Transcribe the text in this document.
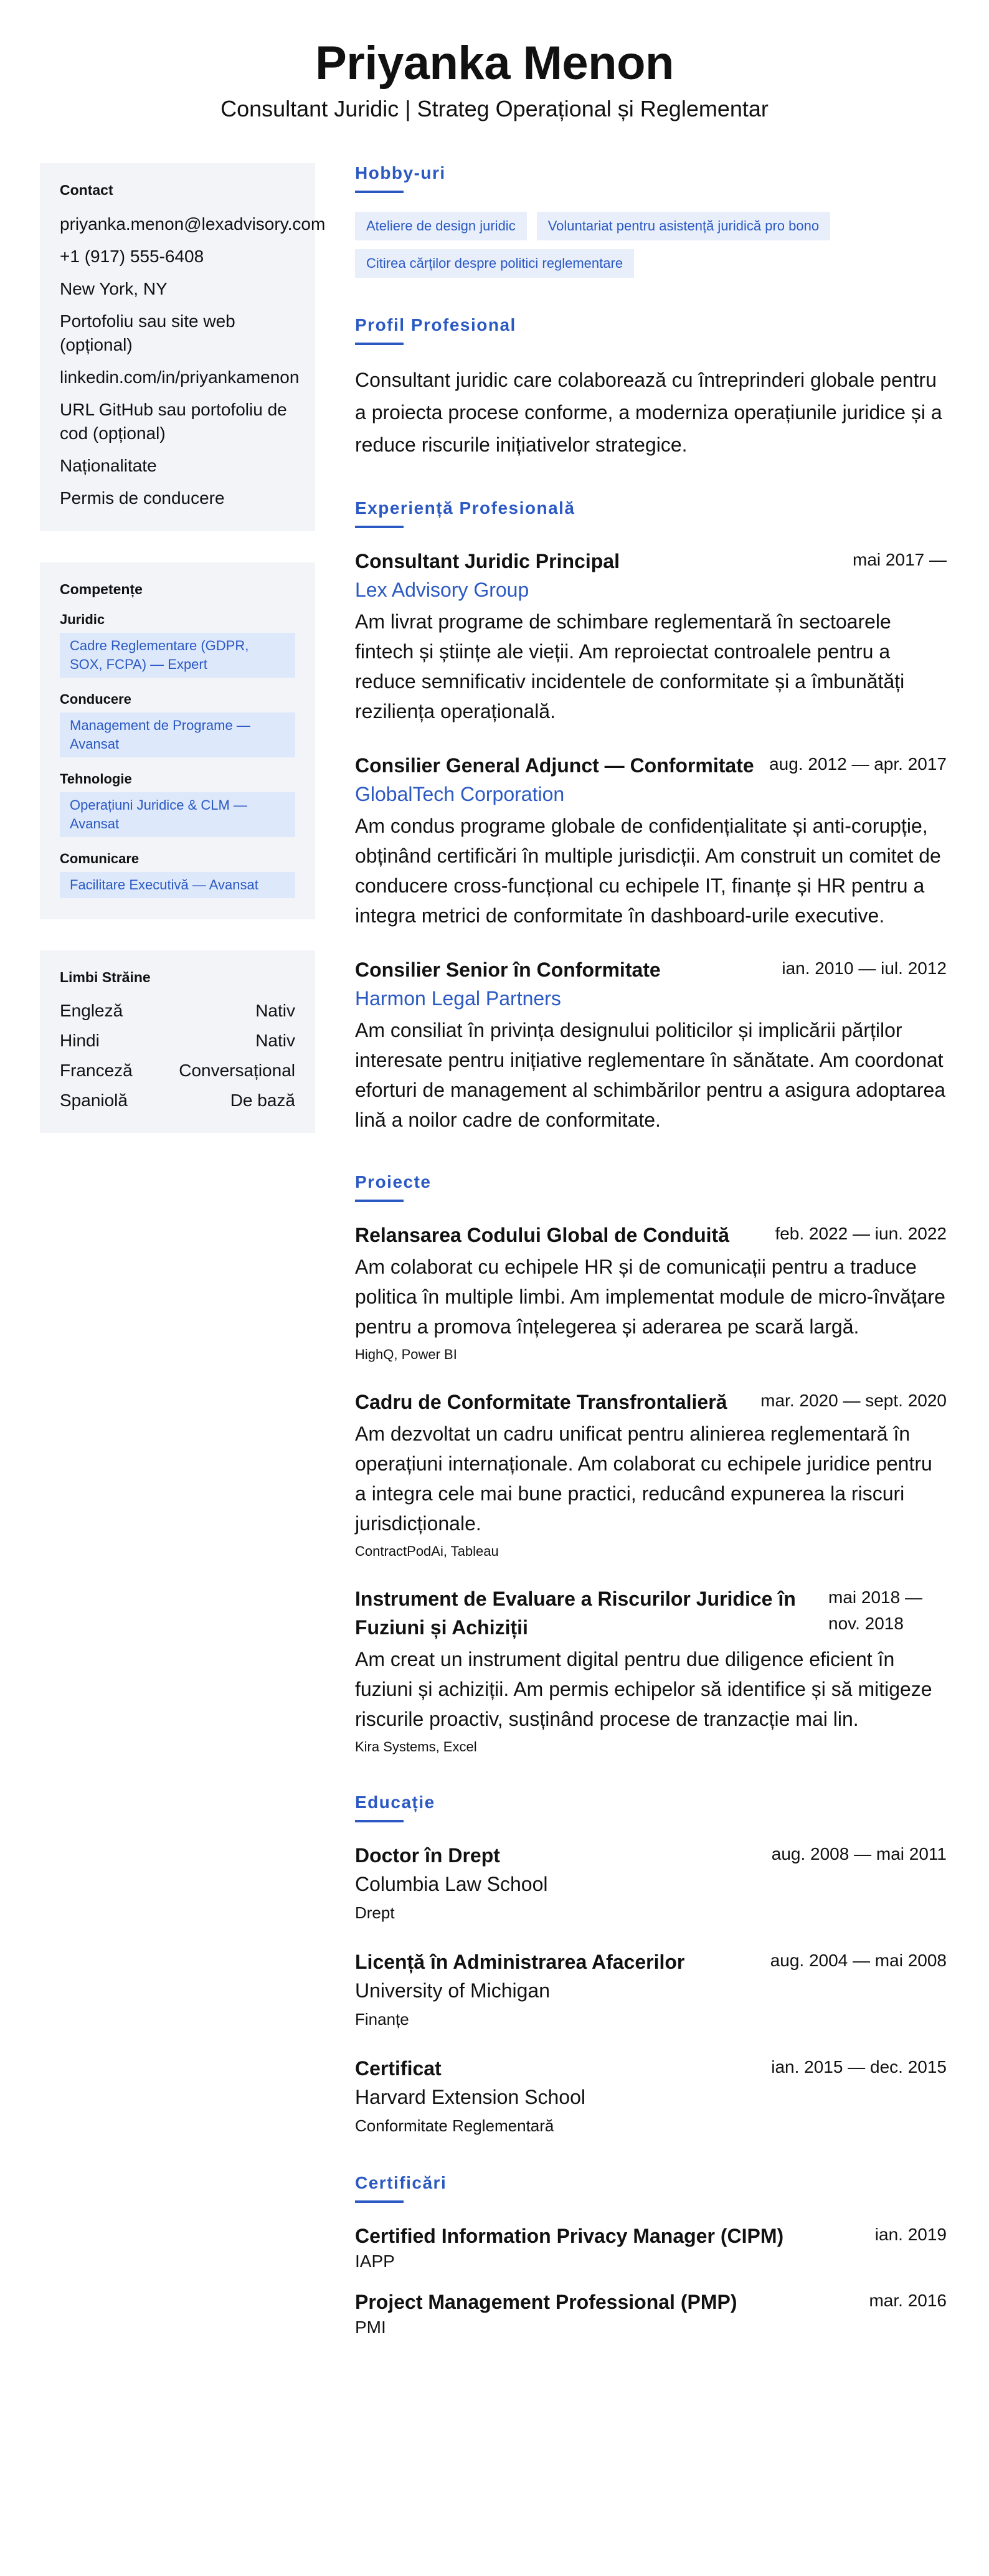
Priyanka Menon
Consultant Juridic | Strateg Operațional și Reglementar
Contact
priyanka.menon@lexadvisory.com
+1 (917) 555-6408
New York, NY
Portofoliu sau site web (opțional)
linkedin.com/in/priyankamenon
URL GitHub sau portofoliu de cod (opțional)
Naționalitate
Permis de conducere
Competențe
Juridic
Cadre Reglementare (GDPR, SOX, FCPA) — Expert
Conducere
Management de Programe — Avansat
Tehnologie
Operațiuni Juridice & CLM — Avansat
Comunicare
Facilitare Executivă — Avansat
Limbi Străine
Engleză	Nativ
Hindi	Nativ
Franceză	Conversațional
Spaniolă	De bază
Hobby-uri
Ateliere de design juridic	Voluntariat pentru asistență juridică pro bono
Citirea cărților despre politici reglementare
Profil Profesional
Consultant juridic care colaborează cu întreprinderi globale pentru a proiecta procese conforme, a moderniza operațiunile juridice și a reduce riscurile inițiativelor strategice.
Experiență Profesională
Consultant Juridic Principal	mai 2017 —
Lex Advisory Group
Am livrat programe de schimbare reglementară în sectoarele fintech și științe ale vieții. Am reproiectat controalele pentru a reduce semnificativ incidentele de conformitate și a îmbunătăți reziliența operațională.
Consilier General Adjunct — Conformitate aug. 2012 — apr. 2017
GlobalTech Corporation
Am condus programe globale de confidențialitate și anti-corupție, obținând certificări în multiple jurisdicții. Am construit un comitet de conducere cross-funcțional cu echipele IT, finanțe și HR pentru a integra metrici de conformitate în dashboard-urile executive.
Consilier Senior în Conformitate	ian. 2010 — iul. 2012
Harmon Legal Partners
Am consiliat în privința designului politicilor și implicării părților interesate pentru inițiative reglementare în sănătate. Am coordonat eforturi de management al schimbărilor pentru a asigura adoptarea lină a noilor cadre de conformitate.
Proiecte
Relansarea Codului Global de Conduită	feb. 2022 — iun. 2022
Am colaborat cu echipele HR și de comunicații pentru a traduce politica în multiple limbi. Am implementat module de micro-învățare pentru a promova înțelegerea și aderarea pe scară largă.
HighQ, Power BI
Cadru de Conformitate Transfrontalieră mar. 2020 — sept. 2020
Am dezvoltat un cadru unificat pentru alinierea reglementară în operațiuni internaționale. Am colaborat cu echipele juridice pentru a integra cele mai bune practici, reducând expunerea la riscuri jurisdicționale.
ContractPodAi, Tableau
Instrument de Evaluare a Riscurilor Juridice în Fuziuni și Achiziții
mai 2018 — nov. 2018
Am creat un instrument digital pentru due diligence eficient în fuziuni și achiziții. Am permis echipelor să identifice și să mitigeze riscurile proactiv, susținând procese de tranzacție mai lin.
Kira Systems, Excel
Educație
Doctor în Drept	aug. 2008 — mai 2011
Columbia Law School
Drept
Licență în Administrarea Afacerilor	aug. 2004 — mai 2008
University of Michigan
Finanțe
Certificat	ian. 2015 — dec. 2015
Harvard Extension School
Conformitate Reglementară
Certificări
Certified Information Privacy Manager (CIPM)	ian. 2019
IAPP
Project Management Professional (PMP)	mar. 2016
PMI
